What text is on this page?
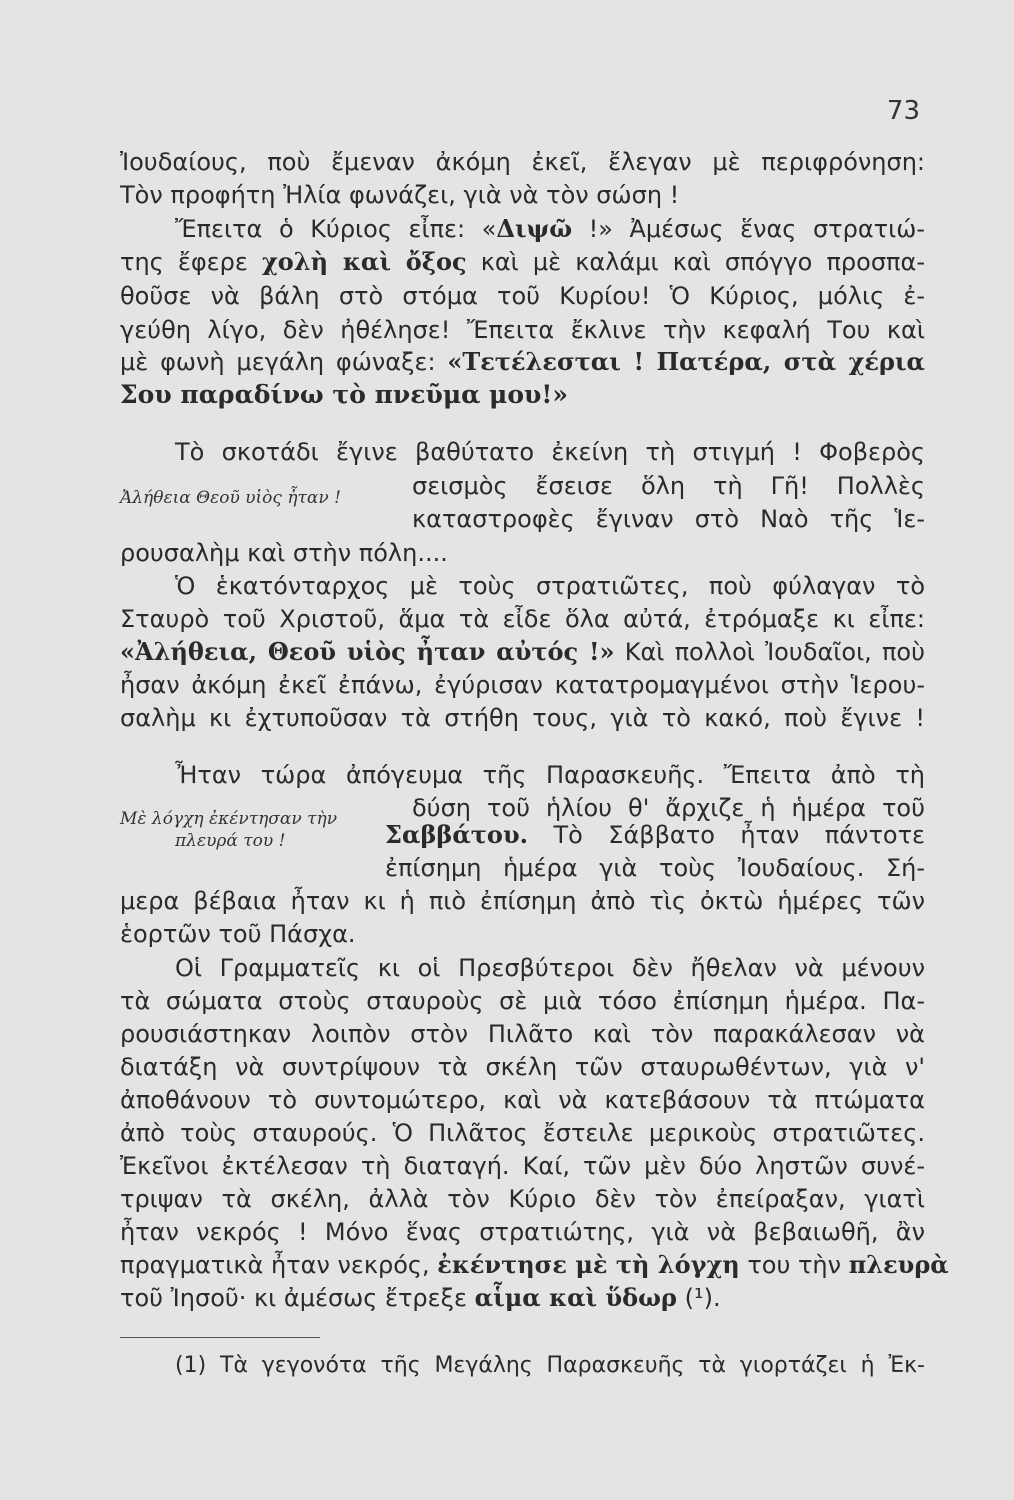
73
Ἰουδαίους, ποὺ ἔμεναν ἀκόμη ἐκεῖ, ἔλεγαν μὲ περιφρόνηση:
Τὸν προφήτη Ἠλία φωνάζει, γιὰ νὰ τὸν σώση !
Ἔπειτα ὁ Κύριος εἶπε: «Διψῶ !» Ἀμέσως ἕνας στρατιώ-
της ἔφερε χολὴ καὶ ὄξος καὶ μὲ καλάμι καὶ σπόγγο προσπα-
θοῦσε νὰ βάλη στὸ στόμα τοῦ Κυρίου! Ὁ Κύριος, μόλις ἐ-
γεύθη λίγο, δὲν ἠθέλησε! Ἔπειτα ἔκλινε τὴν κεφαλή Του καὶ
μὲ φωνὴ μεγάλη φώναξε: «Τετέλεσται ! Πατέρα, στὰ χέρια
Σου παραδίνω τὸ πνεῦμα μου!»
Τὸ σκοτάδι ἔγινε βαθύτατο ἐκείνη τὴ στιγμή ! Φοβερὸς
Ἀλήθεια Θεοῦ υἱὸς ἦταν !	σεισμὸς ἔσεισε ὅλη τὴ Γῆ! Πολλὲς
καταστροφὲς ἔγιναν στὸ Ναὸ τῆς Ἱε-
ρουσαλὴμ καὶ στὴν πόλη....
Ὁ ἑκατόνταρχος μὲ τοὺς στρατιῶτες, ποὺ φύλαγαν τὸ
Σταυρὸ τοῦ Χριστοῦ, ἅμα τὰ εἶδε ὅλα αὐτά, ἐτρόμαξε κι εἶπε:
«Ἀλήθεια, Θεοῦ υἱὸς ἦταν αὐτός !» Καὶ πολλοὶ Ἰουδαῖοι, ποὺ
ἦσαν ἀκόμη ἐκεῖ ἐπάνω, ἐγύρισαν κατατρομαγμένοι στὴν Ἱερου-
σαλὴμ κι ἐχτυποῦσαν τὰ στήθη τους, γιὰ τὸ κακό, ποὺ ἔγινε !
Ἦταν τώρα ἀπόγευμα τῆς Παρασκευῆς. Ἔπειτα ἀπὸ τὴ
δύση τοῦ ἡλίου θ' ἄρχιζε ἡ ἡμέρα τοῦ
Μὲ λόγχη ἐκέντησαν τὴν
πλευρά του !	Σαββάτου. Τὸ Σάββατο ἦταν πάντοτε
ἐπίσημη ἡμέρα γιὰ τοὺς Ἰουδαίους. Σή-
μερα βέβαια ἦταν κι ἡ πιὸ ἐπίσημη ἀπὸ τὶς ὀκτὼ ἡμέρες τῶν
ἑορτῶν τοῦ Πάσχα.
Οἱ Γραμματεῖς κι οἱ Πρεσβύτεροι δὲν ἤθελαν νὰ μένουν
τὰ σώματα στοὺς σταυροὺς σὲ μιὰ τόσο ἐπίσημη ἡμέρα. Πα-
ρουσιάστηκαν λοιπὸν στὸν Πιλᾶτο καὶ τὸν παρακάλεσαν νὰ
διατάξη νὰ συντρίψουν τὰ σκέλη τῶν σταυρωθέντων, γιὰ ν'
ἀποθάνουν τὸ συντομώτερο, καὶ νὰ κατεβάσουν τὰ πτώματα
ἀπὸ τοὺς σταυρούς. Ὁ Πιλᾶτος ἔστειλε μερικοὺς στρατιῶτες.
Ἐκεῖνοι ἐκτέλεσαν τὴ διαταγή. Καί, τῶν μὲν δύο ληστῶν συνέ-
τριψαν τὰ σκέλη, ἀλλὰ τὸν Κύριο δὲν τὸν ἐπείραξαν, γιατὶ
ἦταν νεκρός ! Μόνο ἕνας στρατιώτης, γιὰ νὰ βεβαιωθῆ, ἂν
πραγματικὰ ἦταν νεκρός, ἐκέντησε μὲ τὴ λόγχη του τὴν πλευρὰ
τοῦ Ἰησοῦ· κι ἀμέσως ἔτρεξε αἷμα καὶ ὕδωρ (¹).
(1) Τὰ γεγονότα τῆς Μεγάλης Παρασκευῆς τὰ γιορτάζει ἡ Ἐκ-
